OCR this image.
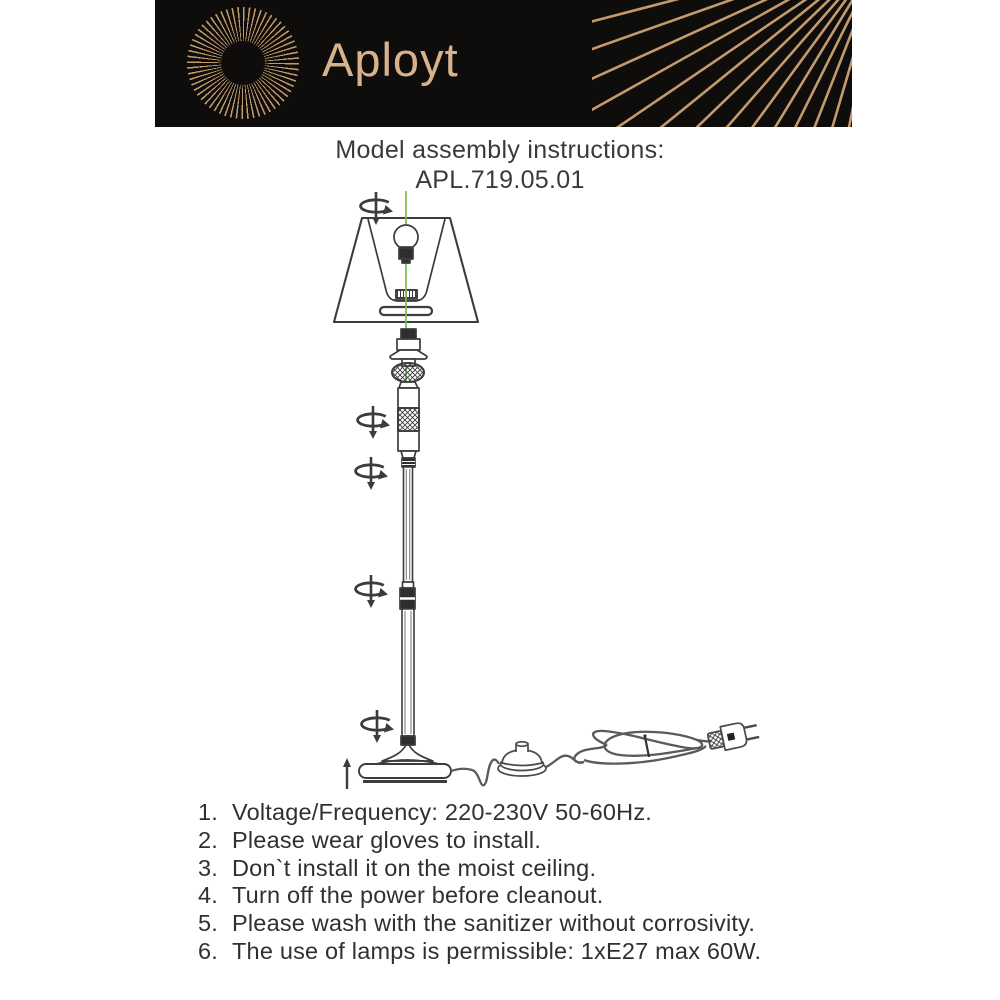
Aployt
Model assembly instructions:
APL.719.05.01
1. Voltage/Frequency: 220-230V 50-60Hz.
2. Please wear gloves to install.
3. Don`t install it on the moist ceiling.
4. Turn off the power before cleanout.
5. Please wash with the sanitizer without corrosivity.
6. The use of lamps is permissible: 1xE27 max 60W.
